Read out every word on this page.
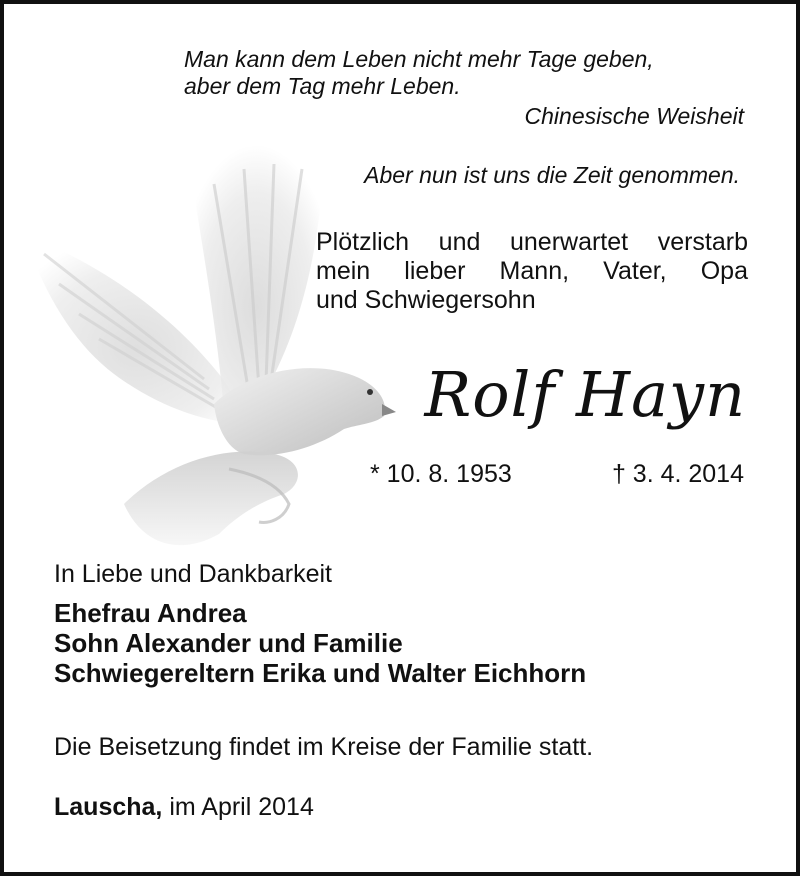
Man kann dem Leben nicht mehr Tage geben,
aber dem Tag mehr Leben.
Chinesische Weisheit
Aber nun ist uns die Zeit genommen.
Plötzlich und unerwartet verstarb
mein lieber Mann, Vater, Opa
und Schwiegersohn
Rolf Hayn
* 10. 8. 1953	† 3. 4. 2014
In Liebe und Dankbarkeit
Ehefrau Andrea
Sohn Alexander und Familie
Schwiegereltern Erika und Walter Eichhorn
Die Beisetzung findet im Kreise der Familie statt.
Lauscha, im April 2014
